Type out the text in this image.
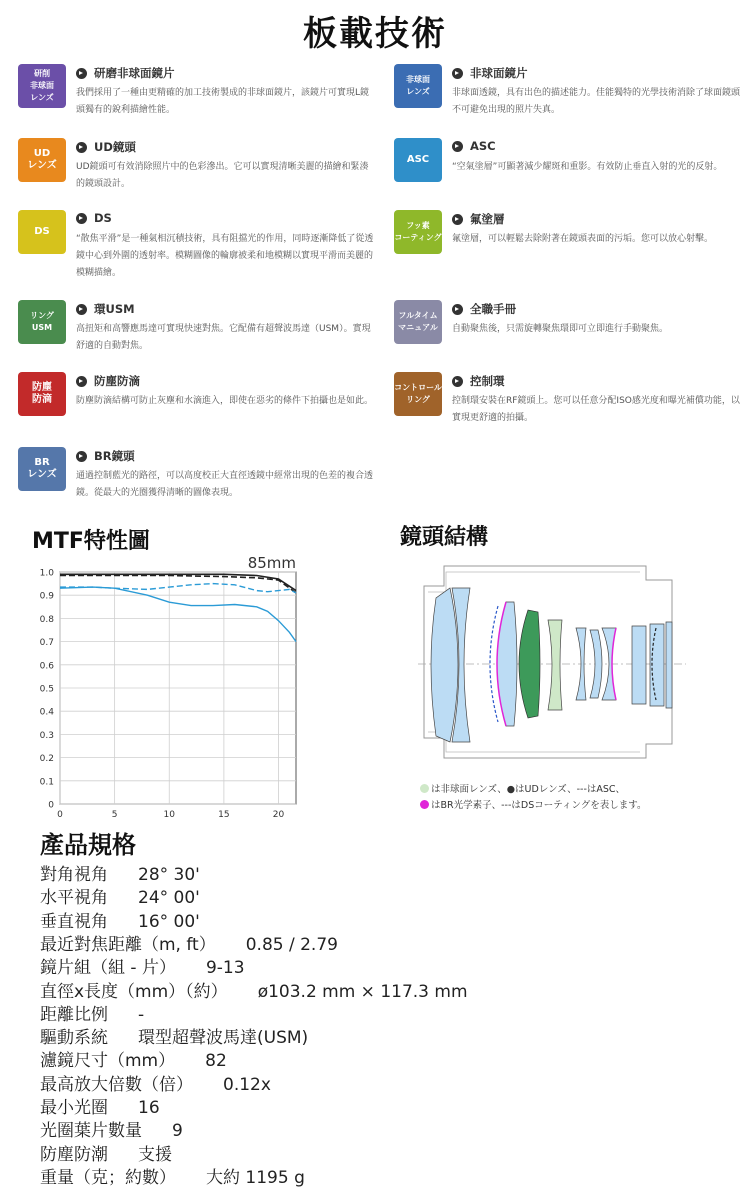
板載技術
研削
非球面
レンズ
研磨非球面鏡片
我們採用了一種由更精確的加工技術製成的非球面鏡片，該鏡片可實現L鏡頭獨有的銳利描繪性能。
UD
レンズ
UD鏡頭
UD鏡頭可有效消除照片中的色彩滲出。它可以實現清晰美麗的描繪和緊湊的鏡頭設計。
DS
DS
“散焦平滑”是一種氣相沉積技術，具有阻擋光的作用，同時逐漸降低了從透鏡中心到外圍的透射率。模糊圖像的輪廓被柔和地模糊以實現平滑而美麗的模糊描繪。
リング
USM
環USM
高扭矩和高響應馬達可實現快速對焦。它配備有超聲波馬達（USM）。實現舒適的自動對焦。
防塵
防滴
防塵防滴
防塵防滴結構可防止灰塵和水滴進入，即使在惡劣的條件下拍攝也是如此。
BR
レンズ
BR鏡頭
通過控制藍光的路徑，可以高度校正大直徑透鏡中經常出現的色差的複合透鏡。從最大的光圈獲得清晰的圖像表現。
非球面
レンズ
非球面鏡片
非球面透鏡，具有出色的描述能力。佳能獨特的光學技術消除了球面鏡頭不可避免出現的照片失真。
ASC
ASC
“空氣塗層”可顯著減少耀斑和重影。有效防止垂直入射的光的反射。
フッ素
コーティング
氟塗層
氟塗層，可以輕鬆去除附著在鏡頭表面的污垢。您可以放心射擊。
フルタイム
マニュアル
全職手冊
自動聚焦後，只需旋轉聚焦環即可立即進行手動聚焦。
コントロール
リング
控制環
控制環安裝在RF鏡頭上。您可以任意分配ISO感光度和曝光補償功能，以實現更舒適的拍攝。
MTF特性圖	鏡頭結構
0
0.1
0.2
0.3
0.4
0.5
0.6
0.7
0.8
0.9
1.0
0	5	10	15	20
85mm
は非球面レンズ、●はUDレンズ、---はASC、
はBR光学素子、---はDSコーティングを表します。
產品規格
對角視角 28° 30'
水平視角 24° 00'
垂直視角 16° 00'
最近對焦距離（m, ft） 0.85 / 2.79
鏡片組（組 - 片） 9-13
直徑x長度（mm）（約） ø103.2 mm × 117.3 mm
距離比例 -
驅動系統 環型超聲波馬達(USM)
濾鏡尺寸（mm） 82
最高放大倍數（倍） 0.12x
最小光圈 16
光圈葉片數量 9
防塵防潮 支援
重量（克；約數） 大約 1195 g
